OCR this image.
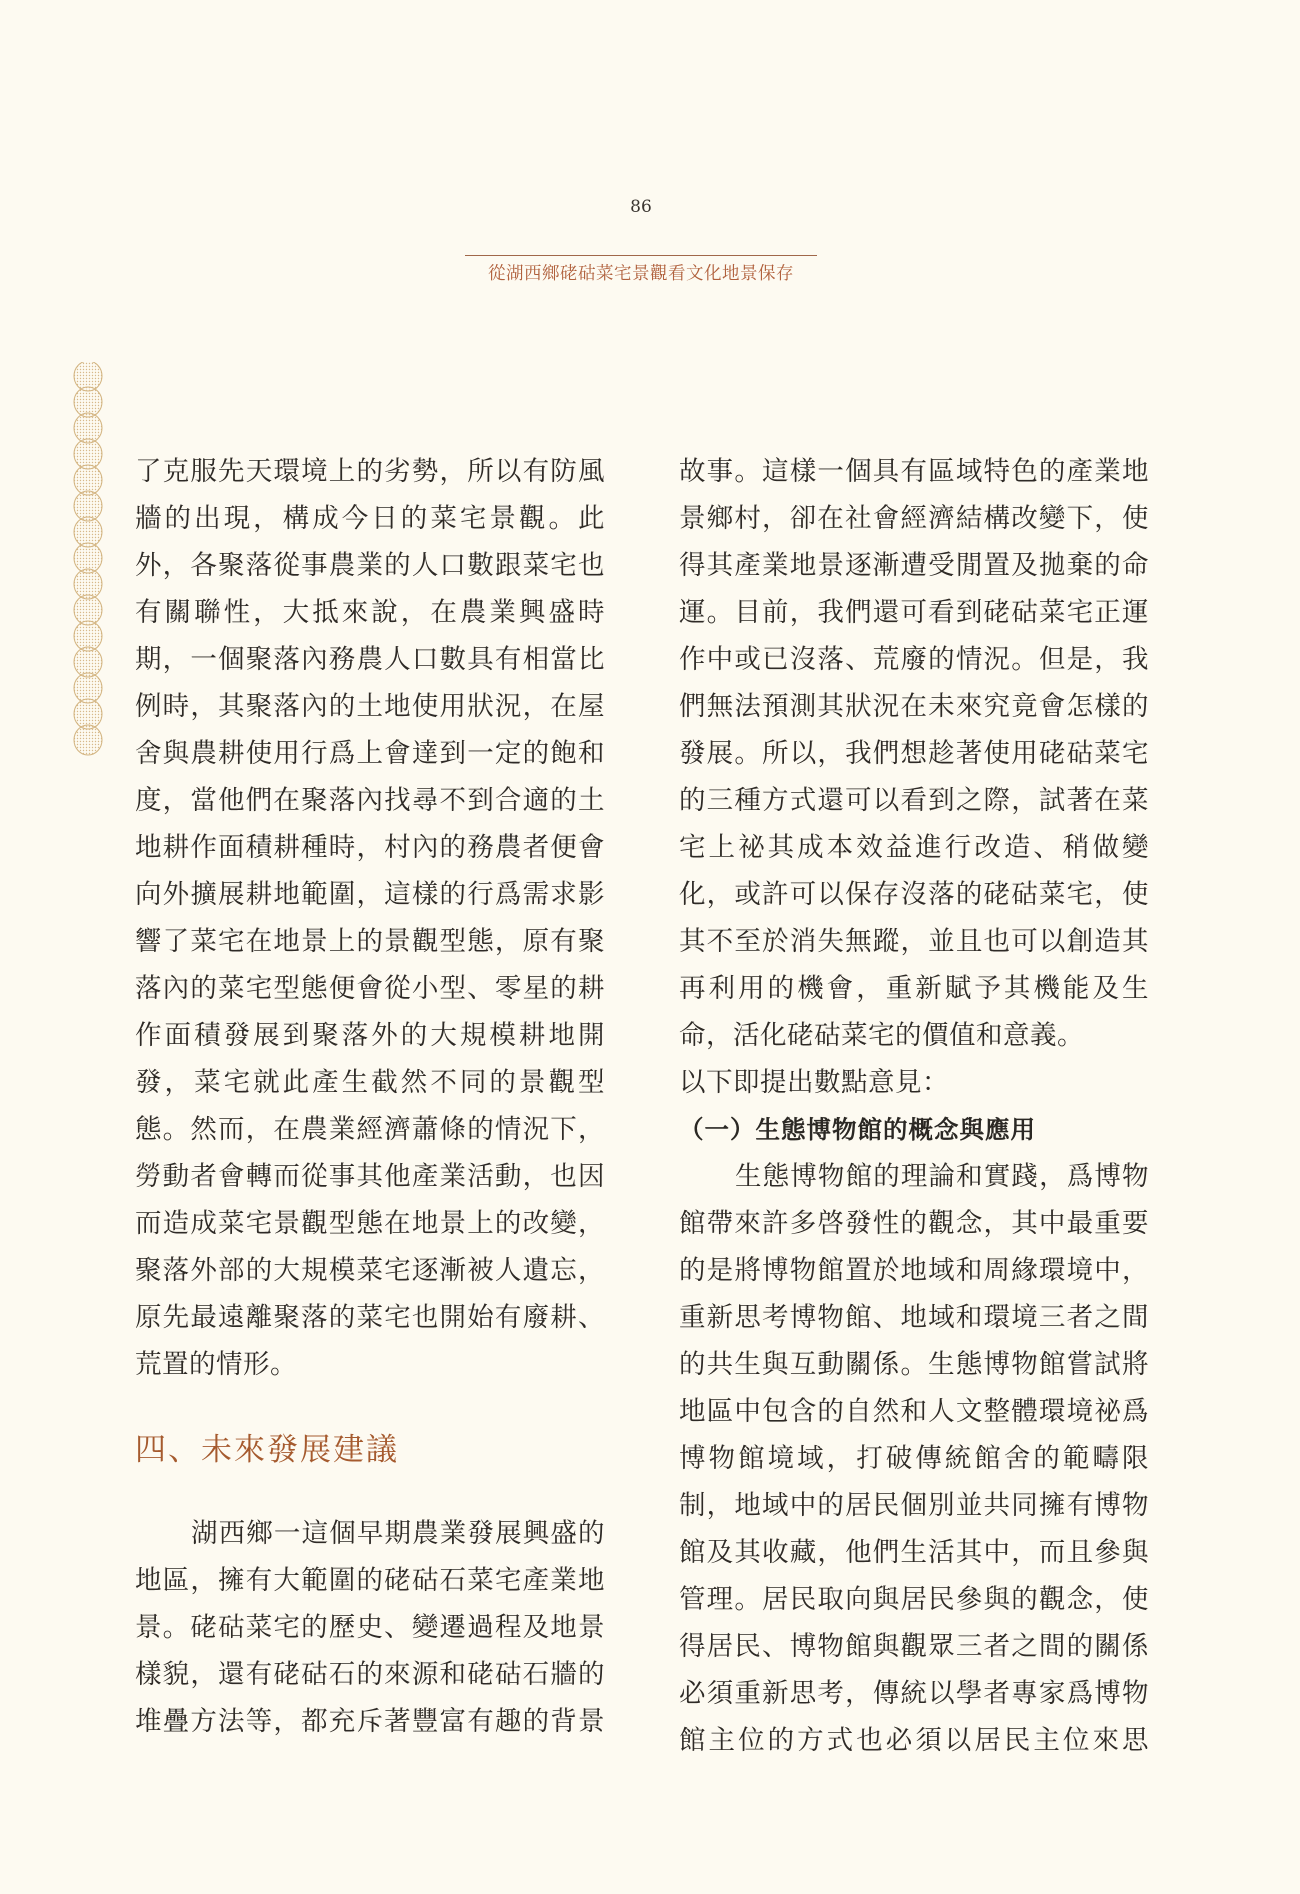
86
從湖西鄉硓𥑮菜宅景觀看文化地景保存
了克服先天環境上的劣勢，所以有防風
牆的出現，構成今日的菜宅景觀。此
外，各聚落從事農業的人口數跟菜宅也
有關聯性，大抵來說，在農業興盛時
期，一個聚落內務農人口數具有相當比
例時，其聚落內的土地使用狀況，在屋
舍與農耕使用行爲上會達到一定的飽和
度，當他們在聚落內找尋不到合適的土
地耕作面積耕種時，村內的務農者便會
向外擴展耕地範圍，這樣的行爲需求影
響了菜宅在地景上的景觀型態，原有聚
落內的菜宅型態便會從小型、零星的耕
作面積發展到聚落外的大規模耕地開
發，菜宅就此產生截然不同的景觀型
態。然而，在農業經濟蕭條的情況下，
勞動者會轉而從事其他產業活動，也因
而造成菜宅景觀型態在地景上的改變，
聚落外部的大規模菜宅逐漸被人遺忘，
原先最遠離聚落的菜宅也開始有廢耕、
荒置的情形。
四、未來發展建議
湖西鄉一這個早期農業發展興盛的
地區，擁有大範圍的硓𥑮石菜宅產業地
景。硓𥑮菜宅的歷史、變遷過程及地景
樣貌，還有硓𥑮石的來源和硓𥑮石牆的
堆疊方法等，都充斥著豐富有趣的背景
故事。這樣一個具有區域特色的產業地
景鄉村，卻在社會經濟結構改變下，使
得其產業地景逐漸遭受閒置及拋棄的命
運。目前，我們還可看到硓𥑮菜宅正運
作中或已沒落、荒廢的情況。但是，我
們無法預測其狀況在未來究竟會怎樣的
發展。所以，我們想趁著使用硓𥑮菜宅
的三種方式還可以看到之際，試著在菜
宅上祕其成本效益進行改造、稍做變
化，或許可以保存沒落的硓𥑮菜宅，使
其不至於消失無蹤，並且也可以創造其
再利用的機會，重新賦予其機能及生
命，活化硓𥑮菜宅的價值和意義。
以下即提出數點意見：
（一）生態博物館的概念與應用
生態博物館的理論和實踐，爲博物
館帶來許多啓發性的觀念，其中最重要
的是將博物館置於地域和周緣環境中，
重新思考博物館、地域和環境三者之間
的共生與互動關係。生態博物館嘗試將
地區中包含的自然和人文整體環境祕爲
博物館境域，打破傳統館舍的範疇限
制，地域中的居民個別並共同擁有博物
館及其收藏，他們生活其中，而且參與
管理。居民取向與居民參與的觀念，使
得居民、博物館與觀眾三者之間的關係
必須重新思考，傳統以學者專家爲博物
館主位的方式也必須以居民主位來思
